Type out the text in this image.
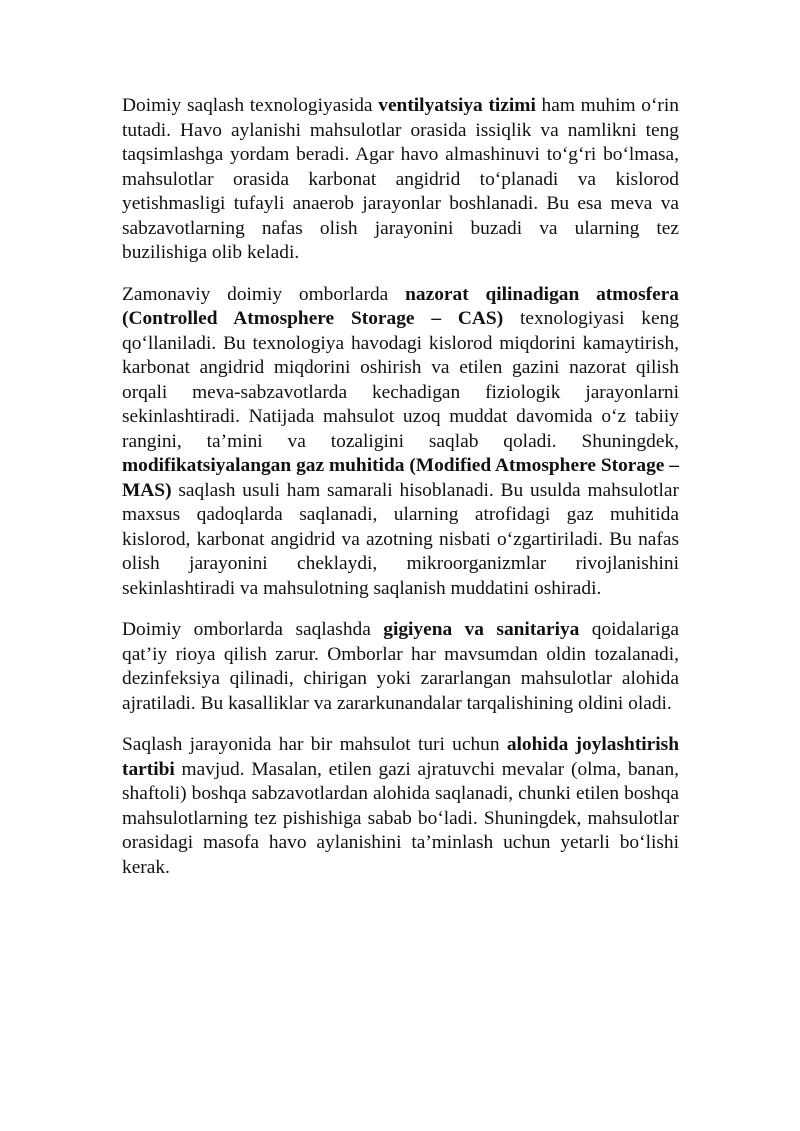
Doimiy saqlash texnologiyasida ventilyatsiya tizimi ham muhim o‘rin tutadi. Havo aylanishi mahsulotlar orasida issiqlik va namlikni teng taqsimlashga yordam beradi. Agar havo almashinuvi to‘g‘ri bo‘lmasa, mahsulotlar orasida karbonat angidrid to‘planadi va kislorod yetishmasligi tufayli anaerob jarayonlar boshlanadi. Bu esa meva va sabzavotlarning nafas olish jarayonini buzadi va ularning tez buzilishiga olib keladi.

Zamonaviy doimiy omborlarda nazorat qilinadigan atmosfera (Controlled Atmosphere Storage – CAS) texnologiyasi keng qo‘llaniladi. Bu texnologiya havodagi kislorod miqdorini kamaytirish, karbonat angidrid miqdorini oshirish va etilen gazini nazorat qilish orqali meva-sabzavotlarda kechadigan fiziologik jarayonlarni sekinlashtiradi. Natijada mahsulot uzoq muddat davomida o‘z tabiiy rangini, ta’mini va tozaligini saqlab qoladi. Shuningdek, modifikatsiyalangan gaz muhitida (Modified Atmosphere Storage – MAS) saqlash usuli ham samarali hisoblanadi. Bu usulda mahsulotlar maxsus qadoqlarda saqlanadi, ularning atrofidagi gaz muhitida kislorod, karbonat angidrid va azotning nisbati o‘zgartiriladi. Bu nafas olish jarayonini cheklaydi, mikroorganizmlar rivojlanishini sekinlashtiradi va mahsulotning saqlanish muddatini oshiradi.

Doimiy omborlarda saqlashda gigiyena va sanitariya qoidalariga qat’iy rioya qilish zarur. Omborlar har mavsumdan oldin tozalanadi, dezinfeksiya qilinadi, chirigan yoki zararlangan mahsulotlar alohida ajratiladi. Bu kasalliklar va zararkunandalar tarqalishining oldini oladi.

Saqlash jarayonida har bir mahsulot turi uchun alohida joylashtirish tartibi mavjud. Masalan, etilen gazi ajratuvchi mevalar (olma, banan, shaftoli) boshqa sabzavotlardan alohida saqlanadi, chunki etilen boshqa mahsulotlarning tez pishishiga sabab bo‘ladi. Shuningdek, mahsulotlar orasidagi masofa havo aylanishini ta’minlash uchun yetarli bo‘lishi kerak.
